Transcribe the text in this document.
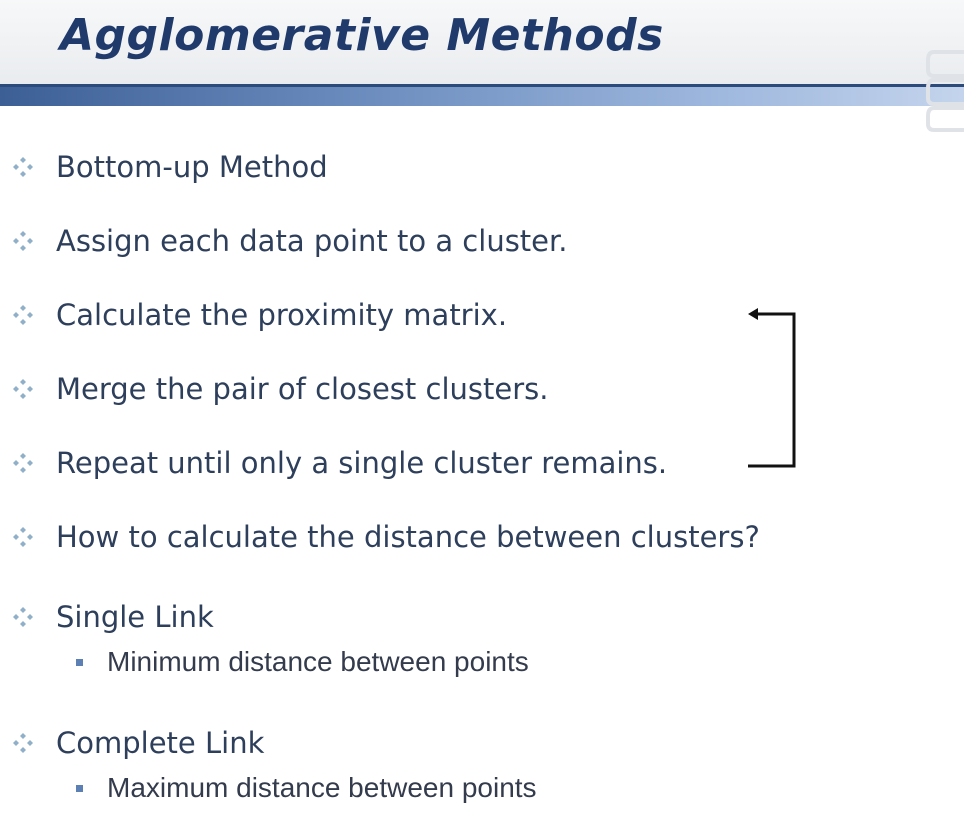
Agglomerative Methods
Bottom-up Method
Assign each data point to a cluster.
Calculate the proximity matrix.
Merge the pair of closest clusters.
Repeat until only a single cluster remains.
How to calculate the distance between clusters?
Single Link
Minimum distance between points
Complete Link
Maximum distance between points
